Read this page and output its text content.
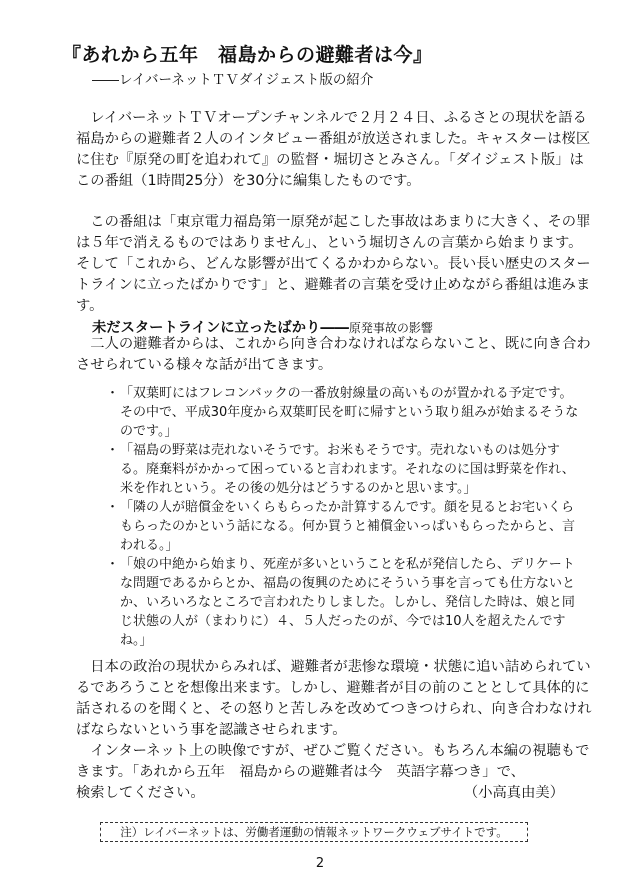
『あれから五年　福島からの避難者は今』
――レイバーネットＴＶダイジェスト版の紹介

レイバーネットＴＶオープンチャンネルで２月２４日、ふるさとの現状を語る福島からの避難者２人のインタビュー番組が放送されました。キャスターは桜区に住む『原発の町を追われて』の監督・堀切さとみさん。「ダイジェスト版」はこの番組（1時間25分）を30分に編集したものです。

この番組は「東京電力福島第一原発が起こした事故はあまりに大きく、その罪は５年で消えるものではありません」、という堀切さんの言葉から始まります。そして「これから、どんな影響が出てくるかわからない。長い長い歴史のスタートラインに立ったばかりです」と、避難者の言葉を受け止めながら番組は進みます。

未だスタートラインに立ったばかり――原発事故の影響

二人の避難者からは、これから向き合わなければならないこと、既に向き合わさせられている様々な話が出てきます。

・ 「双葉町にはフレコンバックの一番放射線量の高いものが置かれる予定です。その中で、平成30年度から双葉町民を町に帰すという取り組みが始まるそうなのです。」
・ 「福島の野菜は売れないそうです。お米もそうです。売れないものは処分する。廃棄料がかかって困っていると言われます。それなのに国は野菜を作れ、米を作れという。その後の処分はどうするのかと思います。」
・ 「隣の人が賠償金をいくらもらったか計算するんです。顔を見るとお宅いくらもらったのかという話になる。何か買うと補償金いっぱいもらったからと、言われる。」
・ 「娘の中絶から始まり、死産が多いということを私が発信したら、デリケートな問題であるからとか、福島の復興のためにそういう事を言っても仕方ないとか、いろいろなところで言われたりしました。しかし、発信した時は、娘と同じ状態の人が（まわりに）４、５人だったのが、今では10人を超えたんですね。」

日本の政治の現状からみれば、避難者が悲惨な環境・状態に追い詰められているであろうことを想像出来ます。しかし、避難者が目の前のこととして具体的に話されるのを聞くと、その怒りと苦しみを改めてつきつけられ、向き合わなければならないという事を認識させられます。

インターネット上の映像ですが、ぜひご覧ください。もちろん本編の視聴もできます。「あれから五年　福島からの避難者は今　英語字幕つき」で、

検索してください。	（小高真由美）
注）レイバーネットは、労働者運動の情報ネットワークウェブサイトです。
2
